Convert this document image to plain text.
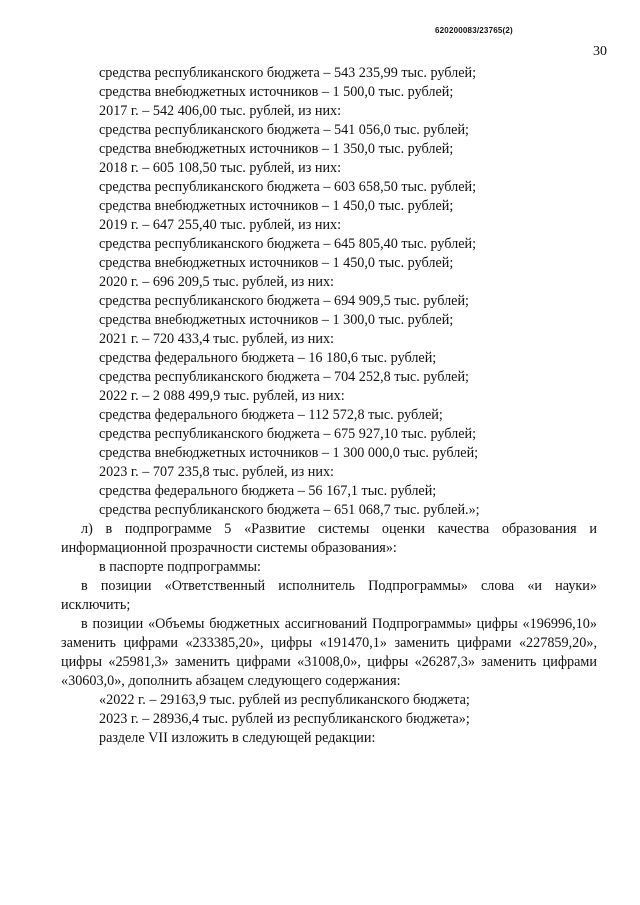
620200083/23765(2)
30
средства республиканского бюджета – 543 235,99 тыс. рублей;
средства внебюджетных источников – 1 500,0 тыс. рублей;
2017 г. – 542 406,00 тыс. рублей, из них:
средства республиканского бюджета – 541 056,0 тыс. рублей;
средства внебюджетных источников – 1 350,0 тыс. рублей;
2018 г. – 605 108,50 тыс. рублей, из них:
средства республиканского бюджета – 603 658,50 тыс. рублей;
средства внебюджетных источников – 1 450,0 тыс. рублей;
2019 г. – 647 255,40 тыс. рублей, из них:
средства республиканского бюджета – 645 805,40 тыс. рублей;
средства внебюджетных источников – 1 450,0 тыс. рублей;
2020 г. – 696 209,5 тыс. рублей, из них:
средства республиканского бюджета – 694 909,5 тыс. рублей;
средства внебюджетных источников – 1 300,0 тыс. рублей;
2021 г. – 720 433,4 тыс. рублей, из них:
средства федерального бюджета – 16 180,6 тыс. рублей;
средства республиканского бюджета – 704 252,8 тыс. рублей;
2022 г. – 2 088 499,9 тыс. рублей, из них:
средства федерального бюджета – 112 572,8 тыс. рублей;
средства республиканского бюджета – 675 927,10 тыс. рублей;
средства внебюджетных источников – 1 300 000,0 тыс. рублей;
2023 г. – 707 235,8 тыс. рублей, из них:
средства федерального бюджета – 56 167,1 тыс. рублей;
средства республиканского бюджета – 651 068,7 тыс. рублей.»;
л) в подпрограмме 5 «Развитие системы оценки качества образования и информационной прозрачности системы образования»:
в паспорте подпрограммы:
в позиции «Ответственный исполнитель Подпрограммы» слова «и науки» исключить;
в позиции «Объемы бюджетных ассигнований Подпрограммы» цифры «196996,10» заменить цифрами «233385,20», цифры «191470,1» заменить цифрами «227859,20», цифры «25981,3» заменить цифрами «31008,0», цифры «26287,3» заменить цифрами «30603,0», дополнить абзацем следующего содержания:
«2022 г. – 29163,9 тыс. рублей из республиканского бюджета;
2023 г. – 28936,4 тыс. рублей из республиканского бюджета»;
разделе VII изложить в следующей редакции:
